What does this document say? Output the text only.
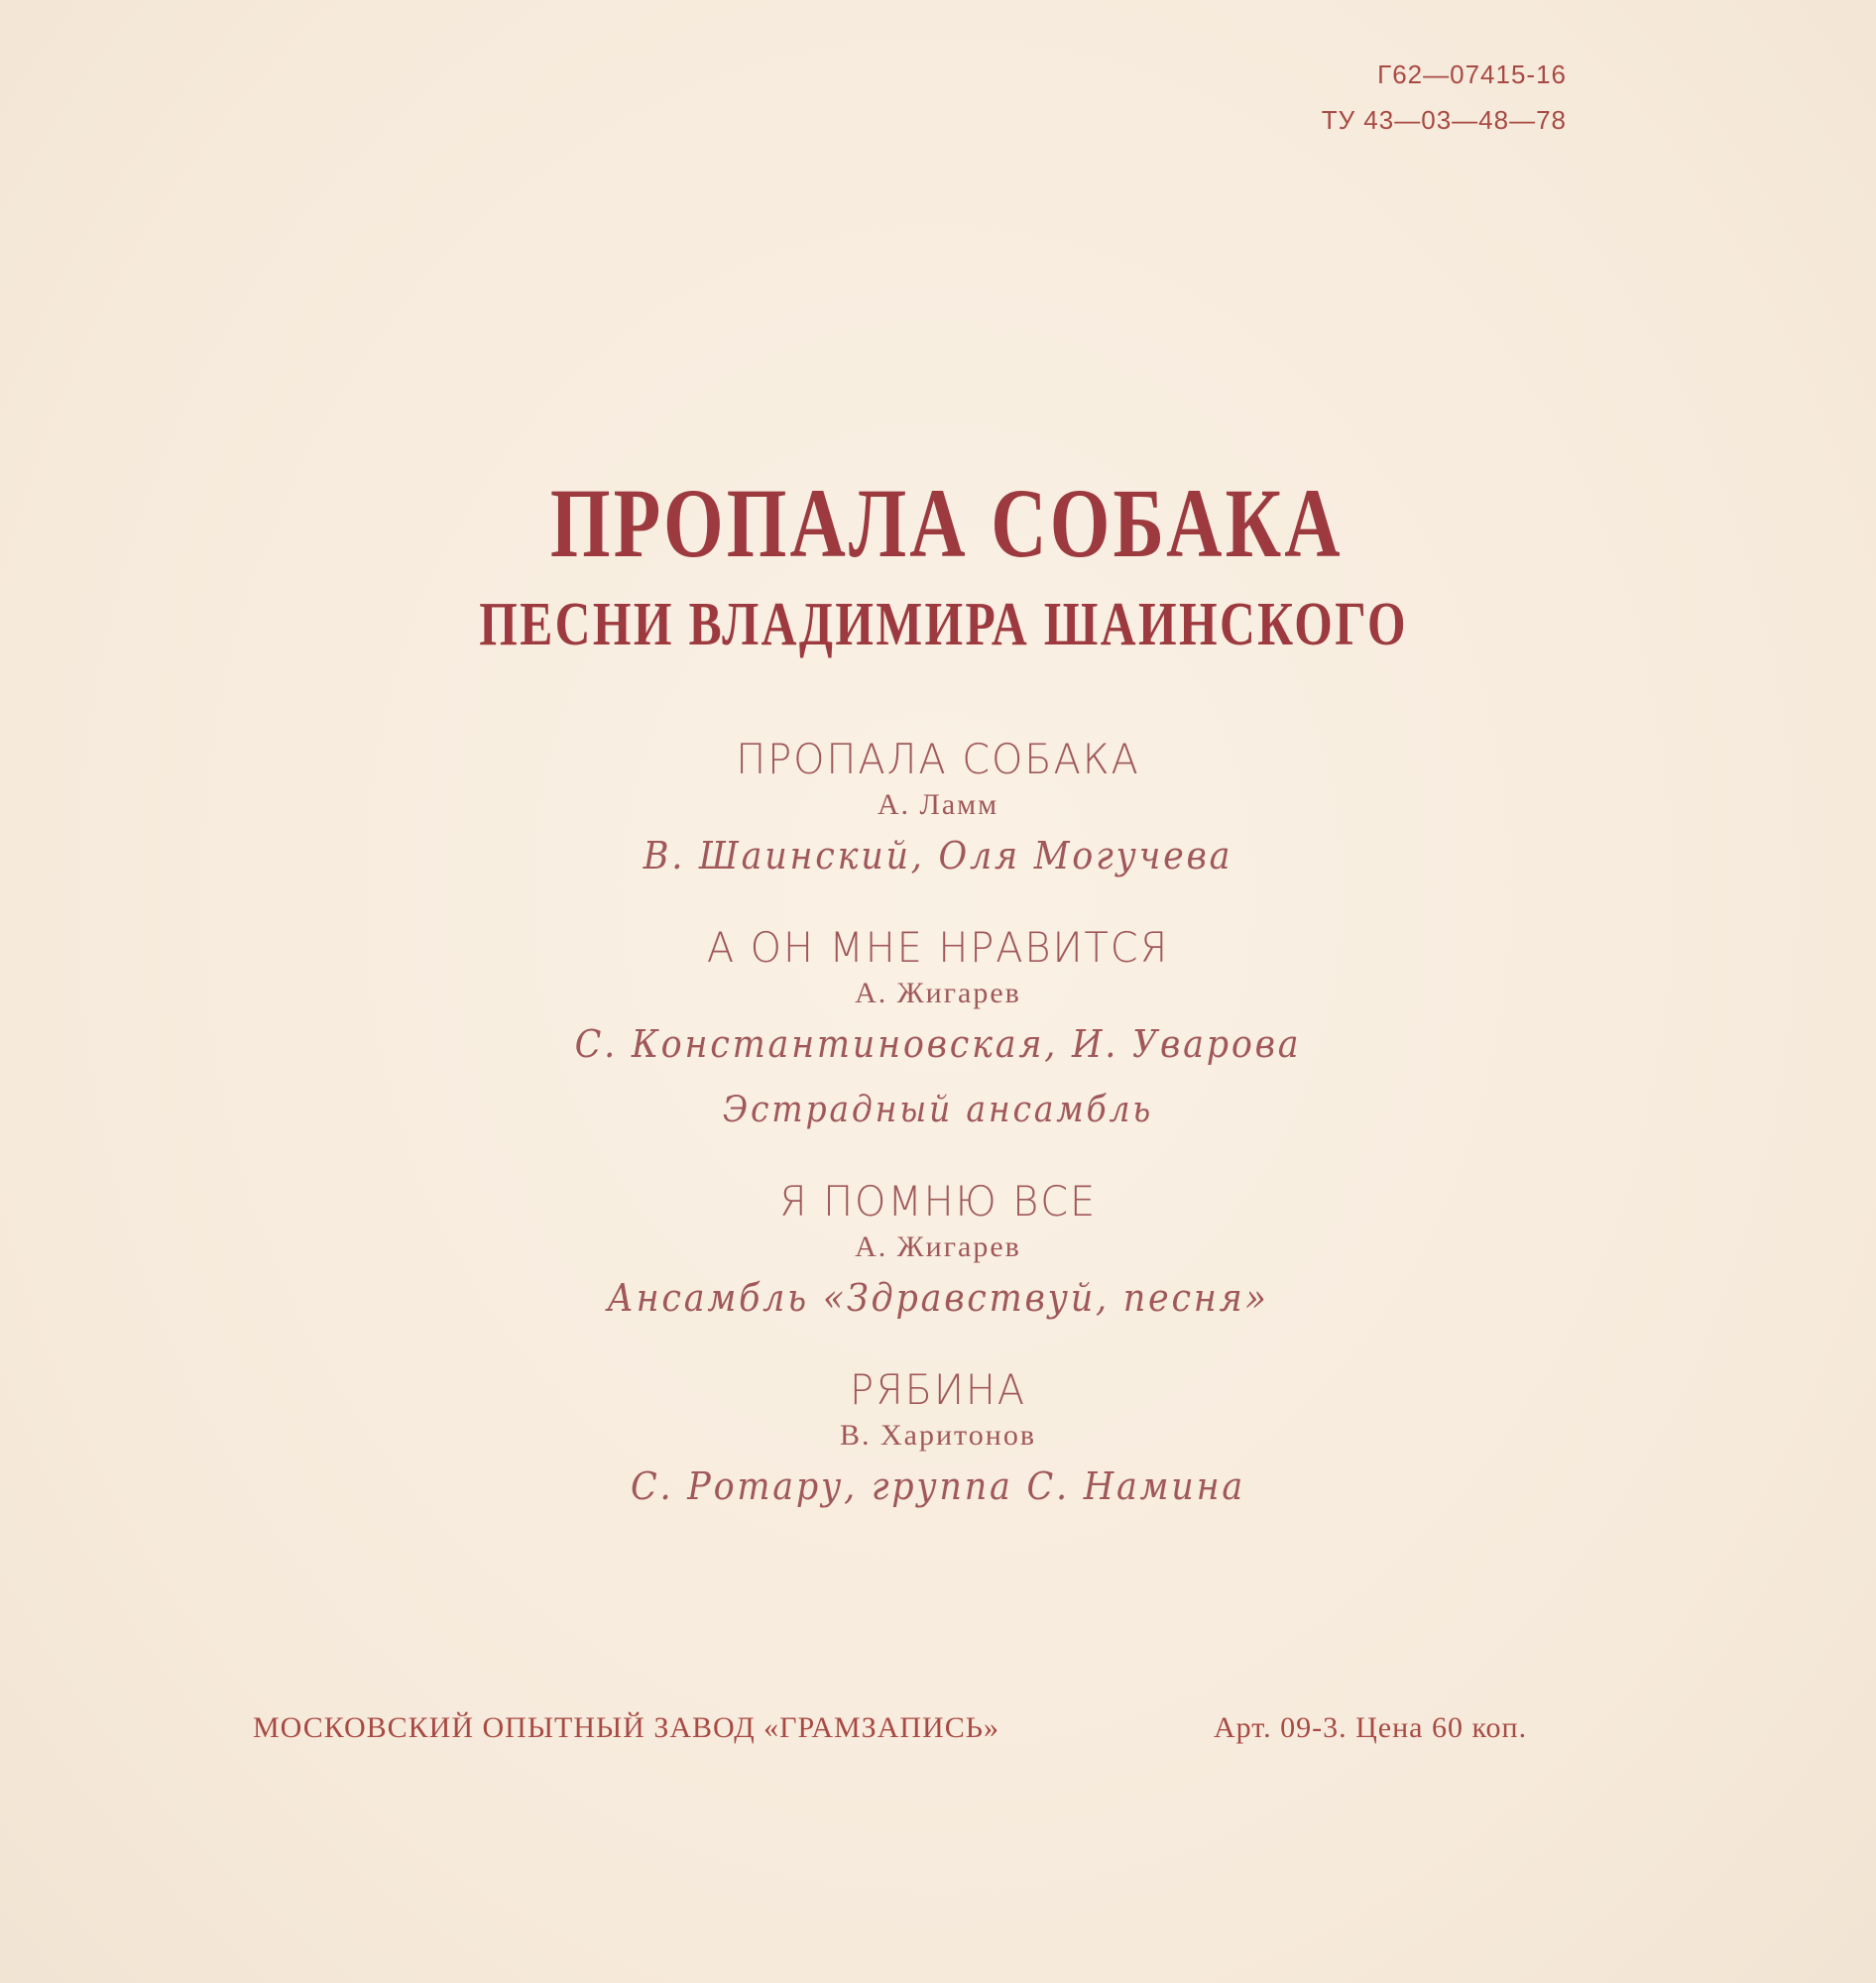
Г62—07415-16
ТУ 43—03—48—78
ПРОПАЛА СОБАКА
ПЕСНИ ВЛАДИМИРА ШАИНСКОГО
ПРОПАЛА СОБАКА
А. Ламм
В. Шаинский, Оля Могучева
А ОН МНЕ НРАВИТСЯ
А. Жигарев
С. Константиновская, И. Уварова
Эстрадный ансамбль
Я ПОМНЮ ВСЕ
А. Жигарев
Ансамбль «Здравствуй, песня»
РЯБИНА
В. Харитонов
С. Ротару, группа С. Намина
МОСКОВСКИЙ ОПЫТНЫЙ ЗАВОД «ГРАМЗАПИСЬ»	Арт. 09-3. Цена 60 коп.
